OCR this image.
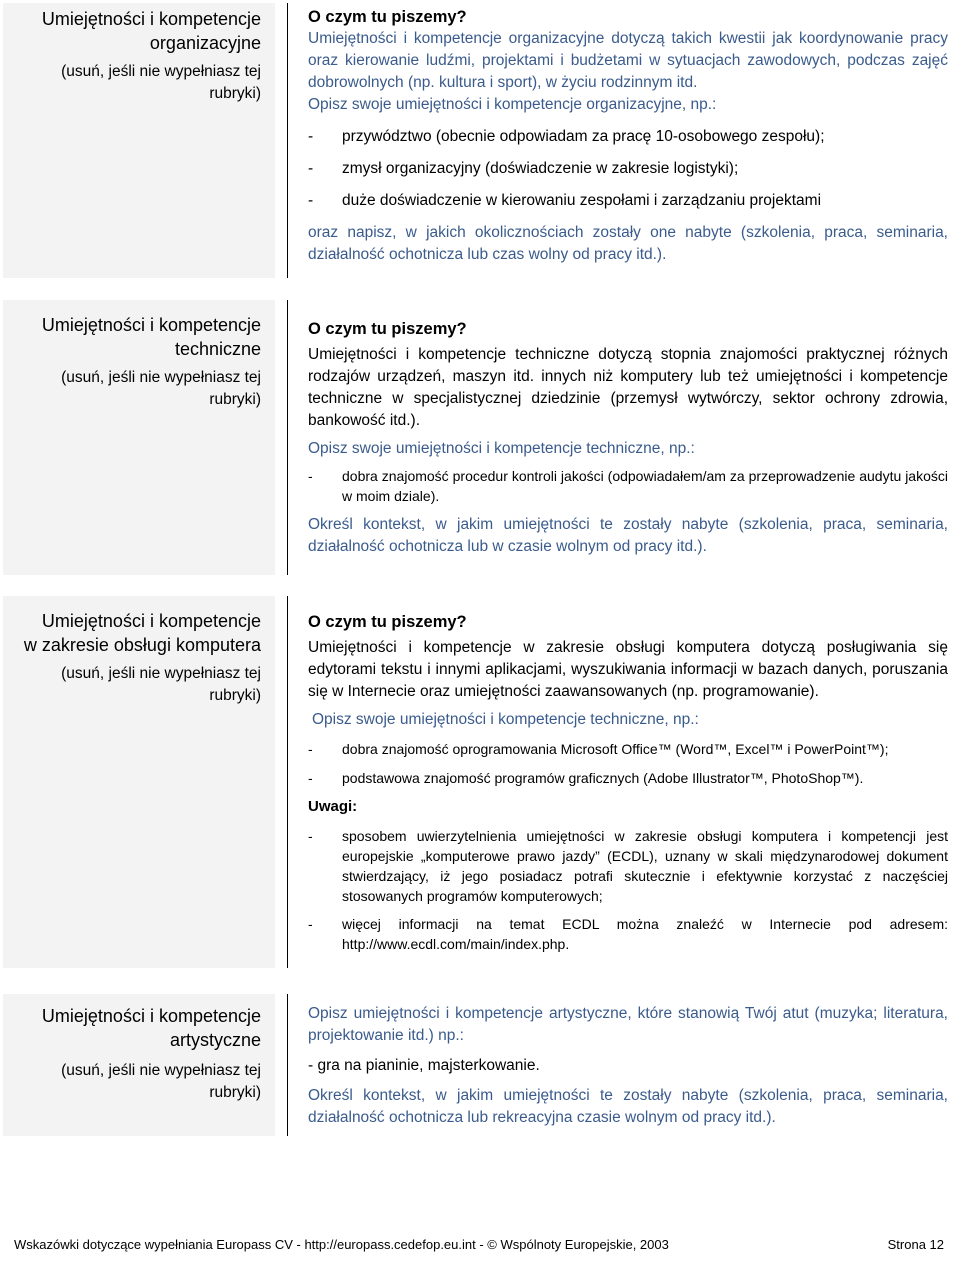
Umiejętności i kompetencje
organizacyjne
(usuń, jeśli nie wypełniasz tej
rubryki)
O czym tu piszemy?

Umiejętności i kompetencje organizacyjne dotyczą takich kwestii jak koordynowanie pracy oraz kierowanie ludźmi, projektami i budżetami w sytuacjach zawodowych, podczas zajęć dobrowolnych (np. kultura i sport), w życiu rodzinnym itd.

Opisz swoje umiejętności i kompetencje organizacyjne, np.:

- przywództwo (obecnie odpowiadam za pracę 10-osobowego zespołu);

- zmysł organizacyjny (doświadczenie w zakresie logistyki);

- duże doświadczenie w kierowaniu zespołami i zarządzaniu projektami

oraz napisz, w jakich okolicznościach zostały one nabyte (szkolenia, praca, seminaria, działalność ochotnicza lub czas wolny od pracy itd.).

Umiejętności i kompetencje
techniczne
(usuń, jeśli nie wypełniasz tej
rubryki)
O czym tu piszemy?

Umiejętności i kompetencje techniczne dotyczą stopnia znajomości praktycznej różnych rodzajów urządzeń, maszyn itd. innych niż komputery lub też umiejętności i kompetencje techniczne w specjalistycznej dziedzinie (przemysł wytwórczy, sektor ochrony zdrowia, bankowość itd.).

Opisz swoje umiejętności i kompetencje techniczne, np.:

- dobra znajomość procedur kontroli jakości (odpowiadałem/am za przeprowadzenie audytu jakości w moim dziale).

Określ kontekst, w jakim umiejętności te zostały nabyte (szkolenia, praca, seminaria, działalność ochotnicza lub w czasie wolnym od pracy itd.).

Umiejętności i kompetencje
w zakresie obsługi komputera
(usuń, jeśli nie wypełniasz tej
rubryki)
O czym tu piszemy?

Umiejętności i kompetencje w zakresie obsługi komputera dotyczą posługiwania się edytorami tekstu i innymi aplikacjami, wyszukiwania informacji w bazach danych, poruszania się w Internecie oraz umiejętności zaawansowanych (np. programowanie).

Opisz swoje umiejętności i kompetencje techniczne, np.:

- dobra znajomość oprogramowania Microsoft Office™ (Word™, Excel™ i PowerPoint™);

- podstawowa znajomość programów graficznych (Adobe Illustrator™, PhotoShop™).

Uwagi:

- sposobem uwierzytelnienia umiejętności w zakresie obsługi komputera i kompetencji jest europejskie „komputerowe prawo jazdy” (ECDL), uznany w skali międzynarodowej dokument stwierdzający, iż jego posiadacz potrafi skutecznie i efektywnie korzystać z naczęściej stosowanych programów komputerowych;

- więcej informacji na temat ECDL można znaleźć w Internecie pod adresem: http://www.ecdl.com/main/index.php.

Umiejętności i kompetencje
artystyczne
(usuń, jeśli nie wypełniasz tej
rubryki)

Opisz umiejętności i kompetencje artystyczne, które stanowią Twój atut (muzyka; literatura, projektowanie itd.) np.:

- gra na pianinie, majsterkowanie.

Określ kontekst, w jakim umiejętności te zostały nabyte (szkolenia, praca, seminaria, działalność ochotnicza lub rekreacyjna czasie wolnym od pracy itd.).

Wskazówki dotyczące wypełniania Europass CV - http://europass.cedefop.eu.int - © Wspólnoty Europejskie, 2003	Strona 12
